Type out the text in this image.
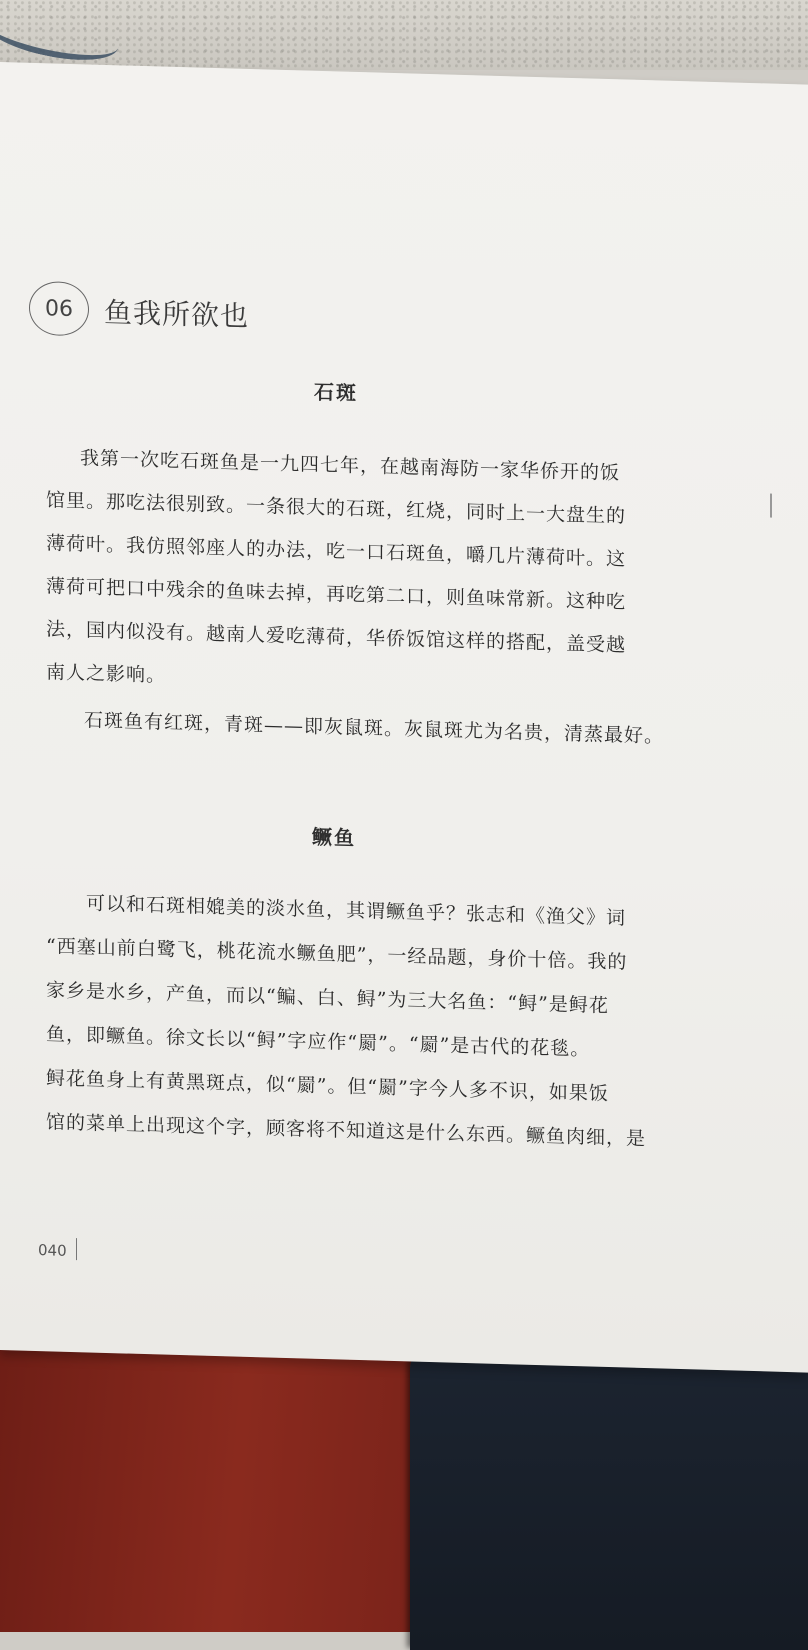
06 鱼我所欲也
石斑
我第一次吃石斑鱼是一九四七年，在越南海防一家华侨开的饭
馆里。那吃法很别致。一条很大的石斑，红烧，同时上一大盘生的
薄荷叶。我仿照邻座人的办法，吃一口石斑鱼，嚼几片薄荷叶。这
薄荷可把口中残余的鱼味去掉，再吃第二口，则鱼味常新。这种吃
法，国内似没有。越南人爱吃薄荷，华侨饭馆这样的搭配，盖受越
南人之影响。
石斑鱼有红斑，青斑——即灰鼠斑。灰鼠斑尤为名贵，清蒸最好。
鳜鱼
可以和石斑相媲美的淡水鱼，其谓鳜鱼乎？张志和《渔父》词
“西塞山前白鹭飞，桃花流水鳜鱼肥”，一经品题，身价十倍。我的
家乡是水乡，产鱼，而以“鳊、白、鲟”为三大名鱼：“鲟”是鲟花
鱼，即鳜鱼。徐文长以“鲟”字应作“罽”。“罽”是古代的花毯。
鲟花鱼身上有黄黑斑点，似“罽”。但“罽”字今人多不识，如果饭
馆的菜单上出现这个字，顾客将不知道这是什么东西。鳜鱼肉细，是
040
